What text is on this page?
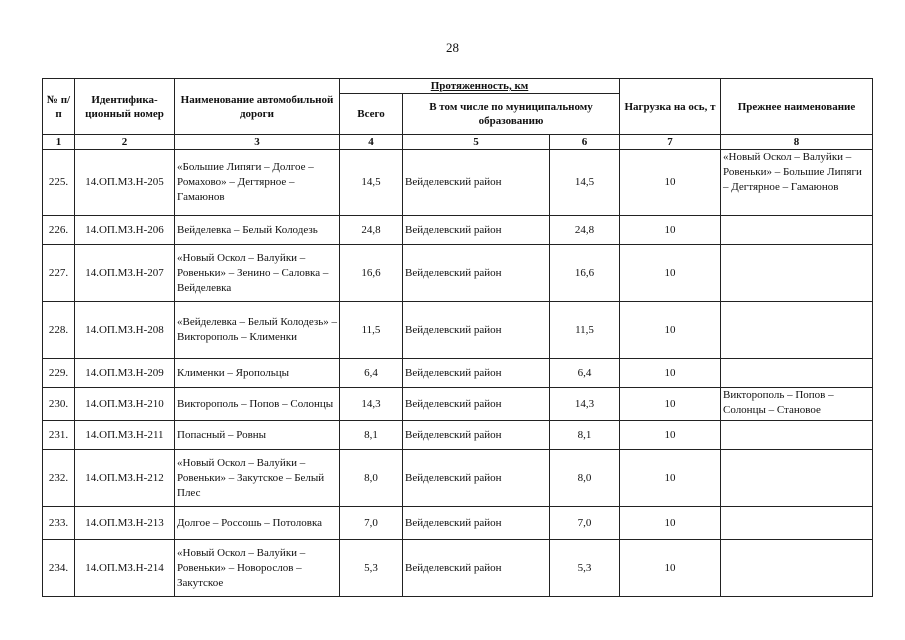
28
№ п/п	Идентифика-ционный номер	Наименование автомобильной дороги	Протяженность, км			Нагрузка на ось, т	Прежнее наименование
			Всего	В том числе по муниципальному образованию			
1	2	3	4	5	6	7	8
225.	14.ОП.МЗ.Н-205	«Большие Липяги – Долгое – Ромахово» – Дегтярное – Гамаюнов	14,5	Вейделевский район	14,5	10	«Новый Оскол – Валуйки – Ровеньки» – Большие Липяги – Дегтярное – Гамаюнов
226.	14.ОП.МЗ.Н-206	Вейделевка – Белый Колодезь	24,8	Вейделевский район	24,8	10	
227.	14.ОП.МЗ.Н-207	«Новый Оскол – Валуйки – Ровеньки» – Зенино – Саловка – Вейделевка	16,6	Вейделевский район	16,6	10	
228.	14.ОП.МЗ.Н-208	«Вейделевка – Белый Колодезь» – Викторополь – Клименки	11,5	Вейделевский район	11,5	10	
229.	14.ОП.МЗ.Н-209	Клименки – Яропольцы	6,4	Вейделевский район	6,4	10	
230.	14.ОП.МЗ.Н-210	Викторополь – Попов – Солонцы	14,3	Вейделевский район	14,3	10	Викторополь – Попов – Солонцы – Становое
231.	14.ОП.МЗ.Н-211	Попасный – Ровны	8,1	Вейделевский район	8,1	10	
232.	14.ОП.МЗ.Н-212	«Новый Оскол – Валуйки – Ровеньки» – Закутское – Белый Плес	8,0	Вейделевский район	8,0	10	
233.	14.ОП.МЗ.Н-213	Долгое – Россошь – Потоловка	7,0	Вейделевский район	7,0	10	
234.	14.ОП.МЗ.Н-214	«Новый Оскол – Валуйки – Ровеньки» – Новорослов – Закутское	5,3	Вейделевский район	5,3	10	
